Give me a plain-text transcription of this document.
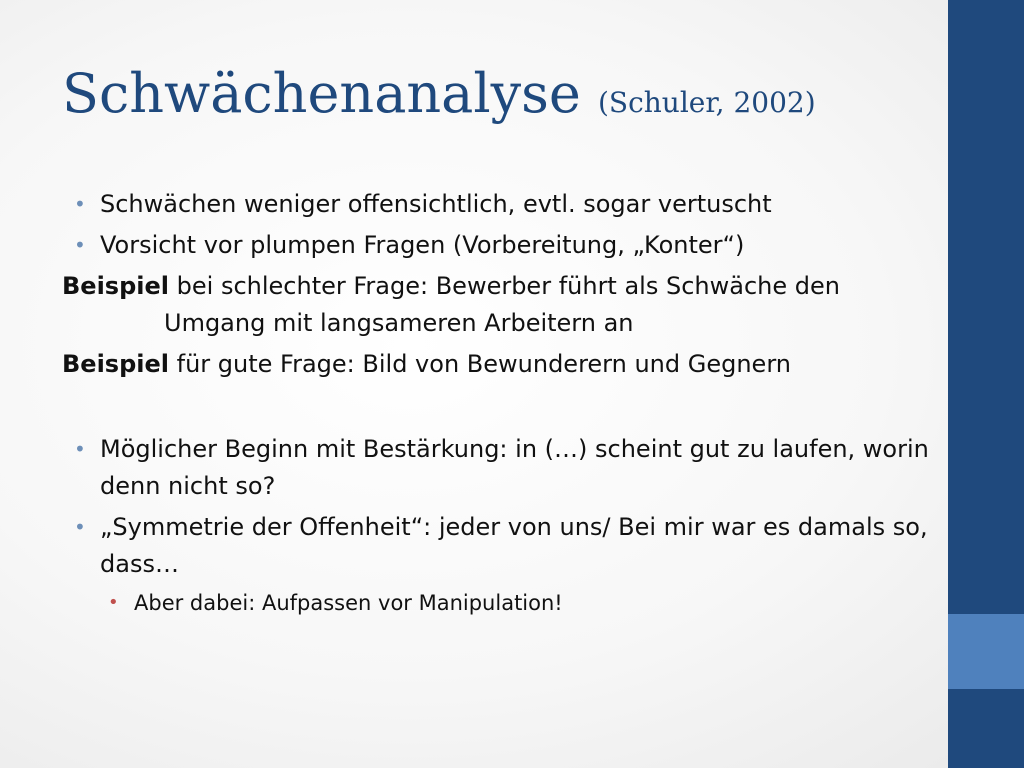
Schwächenanalyse (Schuler, 2002)
• Schwächen weniger offensichtlich, evtl. sogar vertuscht
• Vorsicht vor plumpen Fragen (Vorbereitung, „Konter“)
Beispiel bei schlechter Frage: Bewerber führt als Schwäche den Umgang mit langsameren Arbeitern an
Beispiel für gute Frage: Bild von Bewunderern und Gegnern
• Möglicher Beginn mit Bestärkung: in (…) scheint gut zu laufen, worin denn nicht so?
• „Symmetrie der Offenheit“: jeder von uns/ Bei mir war es damals so, dass…
• Aber dabei: Aufpassen vor Manipulation!
